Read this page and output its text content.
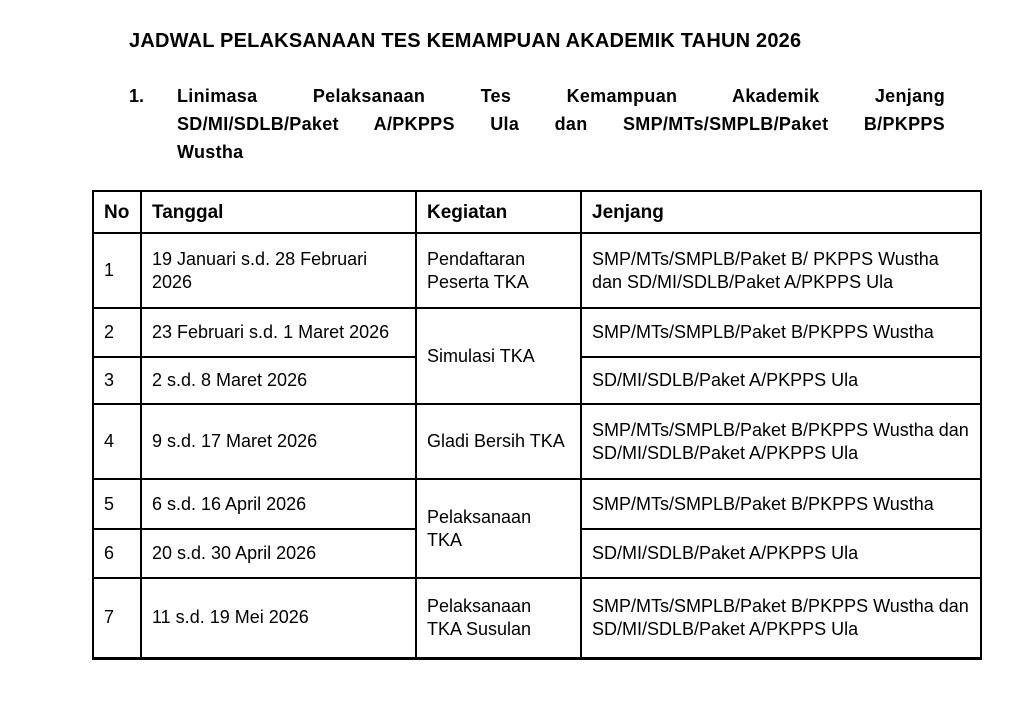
JADWAL PELAKSANAAN TES KEMAMPUAN AKADEMIK TAHUN 2026
1.	Linimasa Pelaksanaan Tes Kemampuan Akademik Jenjang
SD/MI/SDLB/Paket A/PKPPS Ula dan SMP/MTs/SMPLB/Paket B/PKPPS
Wustha
No	Tanggal	Kegiatan	Jenjang
1	19 Januari s.d. 28 Februari 2026	Pendaftaran Peserta TKA	SMP/MTs/SMPLB/Paket B/ PKPPS Wustha dan SD/MI/SDLB/Paket A/PKPPS Ula
2	23 Februari s.d. 1 Maret 2026	Simulasi TKA	SMP/MTs/SMPLB/Paket B/PKPPS Wustha
3	2 s.d. 8 Maret 2026		SD/MI/SDLB/Paket A/PKPPS Ula
4	9 s.d. 17 Maret 2026	Gladi Bersih TKA	SMP/MTs/SMPLB/Paket B/PKPPS Wustha dan SD/MI/SDLB/Paket A/PKPPS Ula
5	6 s.d. 16 April 2026	Pelaksanaan TKA	SMP/MTs/SMPLB/Paket B/PKPPS Wustha
6	20 s.d. 30 April 2026		SD/MI/SDLB/Paket A/PKPPS Ula
7	11 s.d. 19 Mei 2026	Pelaksanaan TKA Susulan	SMP/MTs/SMPLB/Paket B/PKPPS Wustha dan SD/MI/SDLB/Paket A/PKPPS Ula
